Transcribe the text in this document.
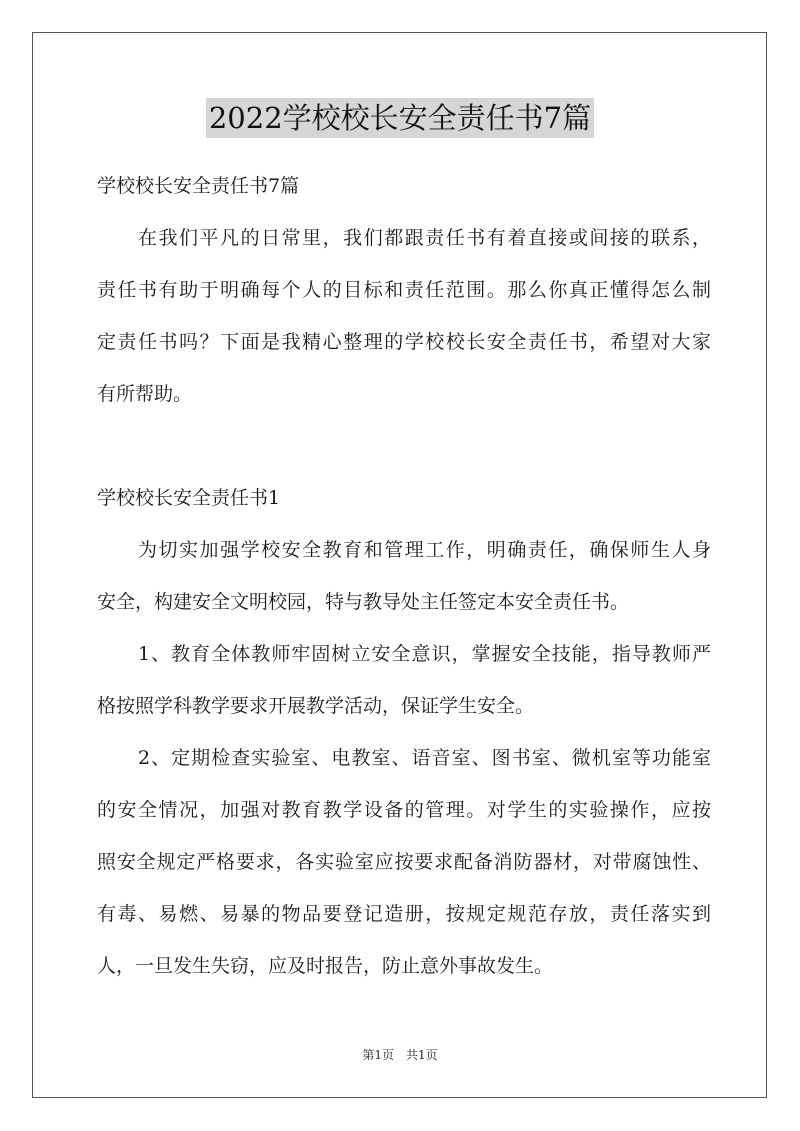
2022学校校长安全责任书7篇

学校校长安全责任书7篇

在我们平凡的日常里，我们都跟责任书有着直接或间接的联系，

责任书有助于明确每个人的目标和责任范围。那么你真正懂得怎么制

定责任书吗？下面是我精心整理的学校校长安全责任书，希望对大家

有所帮助。

学校校长安全责任书1

为切实加强学校安全教育和管理工作，明确责任，确保师生人身

安全，构建安全文明校园，特与教导处主任签定本安全责任书。

1、教育全体教师牢固树立安全意识，掌握安全技能，指导教师严

格按照学科教学要求开展教学活动，保证学生安全。

2、定期检查实验室、电教室、语音室、图书室、微机室等功能室

的安全情况，加强对教育教学设备的管理。对学生的实验操作，应按

照安全规定严格要求，各实验室应按要求配备消防器材，对带腐蚀性、

有毒、易燃、易暴的物品要登记造册，按规定规范存放，责任落实到

人，一旦发生失窃，应及时报告，防止意外事故发生。

第1页　共1页
